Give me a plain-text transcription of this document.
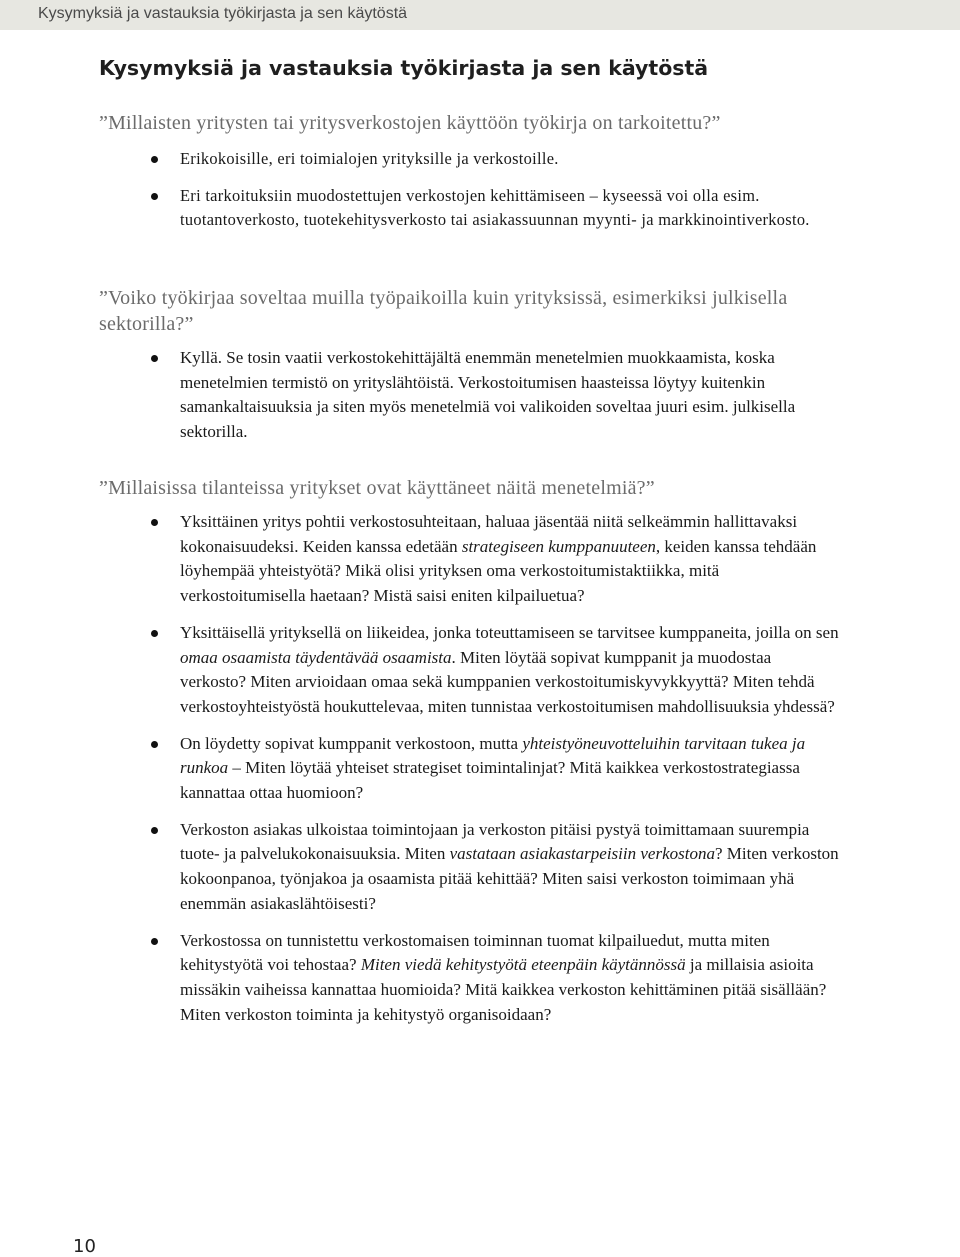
Kysymyksiä ja vastauksia työkirjasta ja sen käytöstä
Kysymyksiä ja vastauksia työkirjasta ja sen käytöstä

”Millaisten yritysten tai yritysverkostojen käyttöön työkirja on tarkoitettu?”

Erikokoisille, eri toimialojen yrityksille ja verkostoille.
Eri tarkoituksiin muodostettujen verkostojen kehittämiseen – kyseessä voi olla esim. tuotantoverkosto, tuotekehitysverkosto tai asiakassuunnan myynti- ja markkinointiverkosto.

”Voiko työkirjaa soveltaa muilla työpaikoilla kuin yrityksissä, esimerkiksi julkisella sektorilla?”

Kyllä. Se tosin vaatii verkostokehittäjältä enemmän menetelmien muokkaamista, koska menetelmien termistö on yrityslähtöistä. Verkostoitumisen haasteissa löytyy kuitenkin samankaltaisuuksia ja siten myös menetelmiä voi valikoiden soveltaa juuri esim. julkisella sektorilla.

”Millaisissa tilanteissa yritykset ovat käyttäneet näitä menetelmiä?”

Yksittäinen yritys pohtii verkostosuhteitaan, haluaa jäsentää niitä selkeämmin hallittavaksi kokonaisuudeksi. Keiden kanssa edetään strategiseen kumppanuuteen, keiden kanssa tehdään löyhempää yhteistyötä? Mikä olisi yrityksen oma verkostoitumistaktiikka, mitä verkostoitumisella haetaan? Mistä saisi eniten kilpailuetua?
Yksittäisellä yrityksellä on liikeidea, jonka toteuttamiseen se tarvitsee kumppaneita, joilla on sen omaa osaamista täydentävää osaamista. Miten löytää sopivat kumppanit ja muodostaa verkosto? Miten arvioidaan omaa sekä kumppanien verkostoitumiskyvykkyyttä? Miten tehdä verkostoyhteistyöstä houkuttelevaa, miten tunnistaa verkostoitumisen mahdollisuuksia yhdessä?
On löydetty sopivat kumppanit verkostoon, mutta yhteistyöneuvotteluihin tarvitaan tukea ja runkoa – Miten löytää yhteiset strategiset toimintalinjat? Mitä kaikkea verkostostrategiassa kannattaa ottaa huomioon?
Verkoston asiakas ulkoistaa toimintojaan ja verkoston pitäisi pystyä toimittamaan suurempia tuote- ja palvelukokonaisuuksia. Miten vastataan asiakastarpeisiin verkostona? Miten verkoston kokoonpanoa, työnjakoa ja osaamista pitää kehittää? Miten saisi verkoston toimimaan yhä enemmän asiakaslähtöisesti?
Verkostossa on tunnistettu verkostomaisen toiminnan tuomat kilpailuedut, mutta miten kehitystyötä voi tehostaa? Miten viedä kehitystyötä eteenpäin käytännössä ja millaisia asioita missäkin vaiheissa kannattaa huomioida? Mitä kaikkea verkoston kehittäminen pitää sisällään? Miten verkoston toiminta ja kehitystyö organisoidaan?
10
